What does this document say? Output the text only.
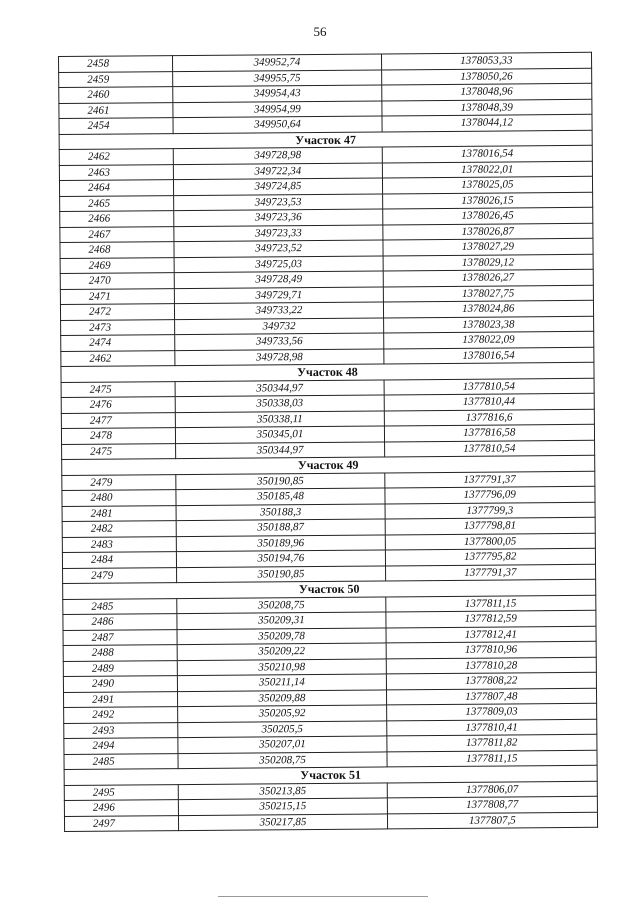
56
2458	349952,74	1378053,33
2459	349955,75	1378050,26
2460	349954,43	1378048,96
2461	349954,99	1378048,39
2454	349950,64	1378044,12
Участок 47		
2462	349728,98	1378016,54
2463	349722,34	1378022,01
2464	349724,85	1378025,05
2465	349723,53	1378026,15
2466	349723,36	1378026,45
2467	349723,33	1378026,87
2468	349723,52	1378027,29
2469	349725,03	1378029,12
2470	349728,49	1378026,27
2471	349729,71	1378027,75
2472	349733,22	1378024,86
2473	349732	1378023,38
2474	349733,56	1378022,09
2462	349728,98	1378016,54
Участок 48		
2475	350344,97	1377810,54
2476	350338,03	1377810,44
2477	350338,11	1377816,6
2478	350345,01	1377816,58
2475	350344,97	1377810,54
Участок 49		
2479	350190,85	1377791,37
2480	350185,48	1377796,09
2481	350188,3	1377799,3
2482	350188,87	1377798,81
2483	350189,96	1377800,05
2484	350194,76	1377795,82
2479	350190,85	1377791,37
Участок 50		
2485	350208,75	1377811,15
2486	350209,31	1377812,59
2487	350209,78	1377812,41
2488	350209,22	1377810,96
2489	350210,98	1377810,28
2490	350211,14	1377808,22
2491	350209,88	1377807,48
2492	350205,92	1377809,03
2493	350205,5	1377810,41
2494	350207,01	1377811,82
2485	350208,75	1377811,15
Участок 51		
2495	350213,85	1377806,07
2496	350215,15	1377808,77
2497	350217,85	1377807,5
